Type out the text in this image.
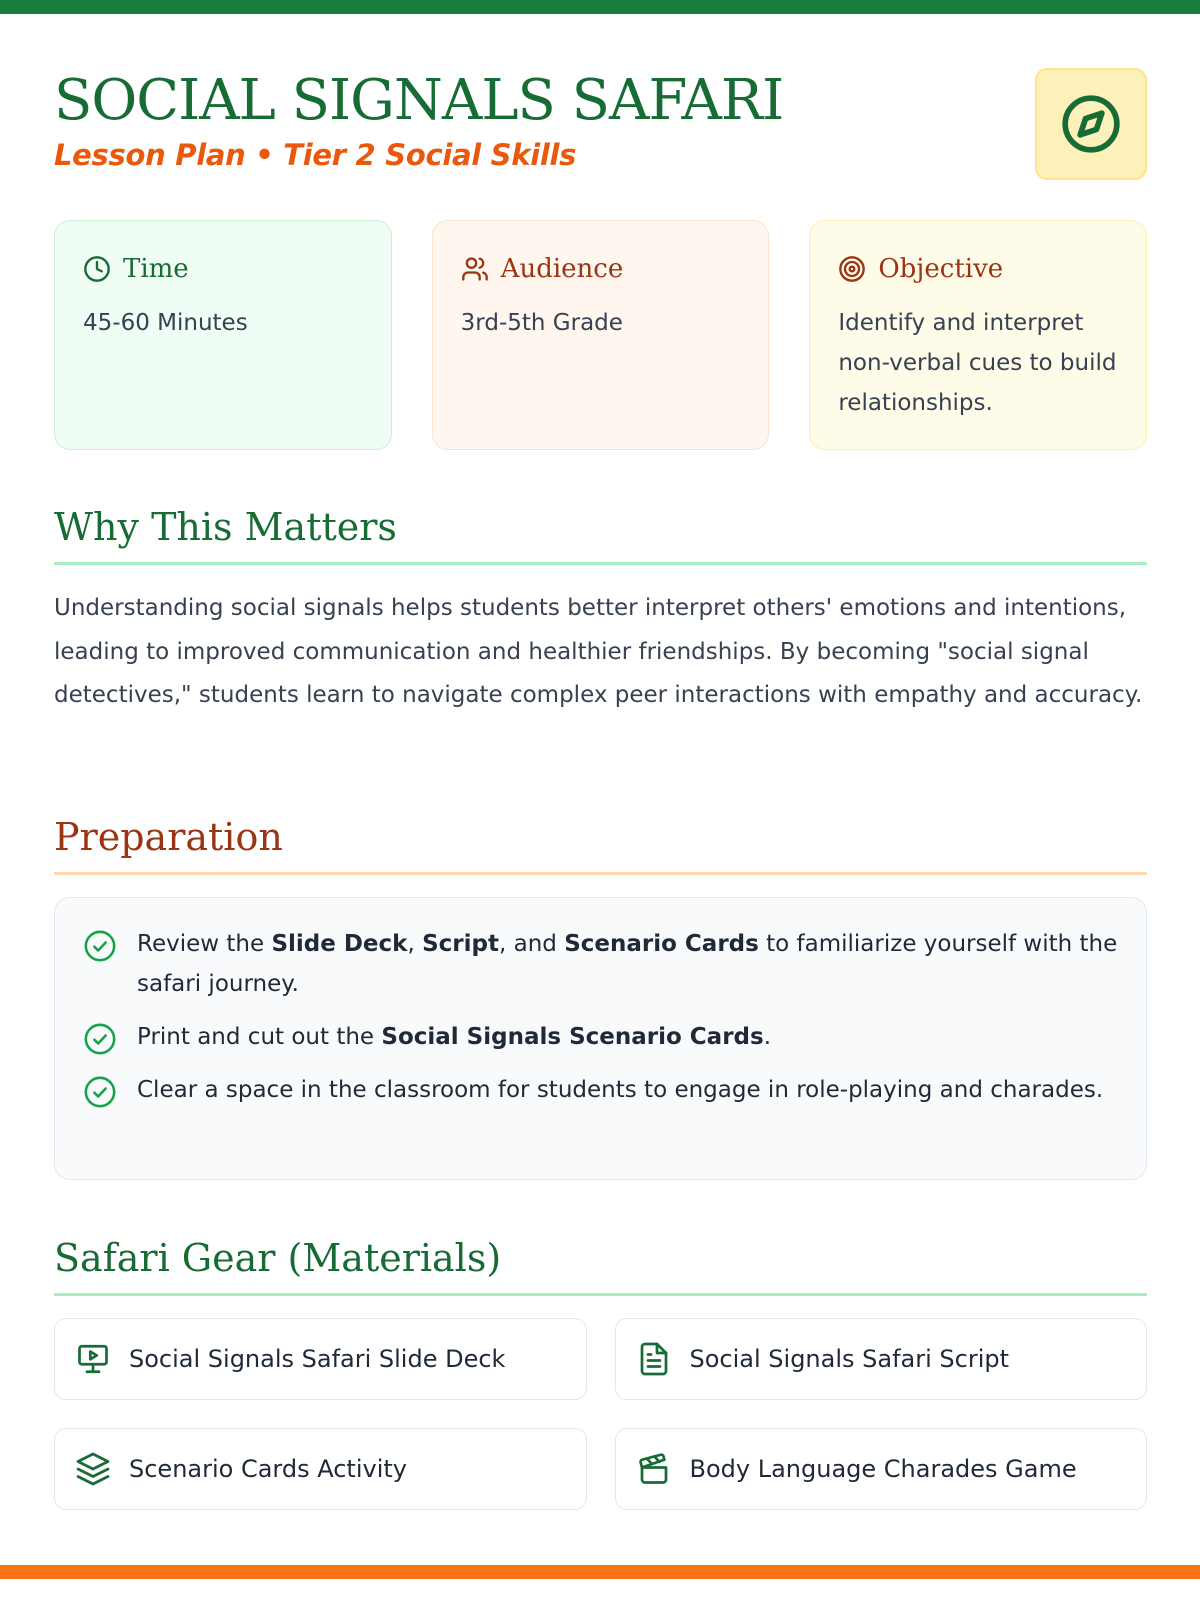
SOCIAL SIGNALS SAFARI
Lesson Plan • Tier 2 Social Skills
Time
45-60 Minutes
Audience
3rd-5th Grade
Objective
Identify and interpret non-verbal cues to build relationships.
Why This Matters
Understanding social signals helps students better interpret others' emotions and intentions, leading to improved communication and healthier friendships. By becoming "social signal detectives," students learn to navigate complex peer interactions with empathy and accuracy.
Preparation
Review the Slide Deck, Script, and Scenario Cards to familiarize yourself with the safari journey.
Print and cut out the Social Signals Scenario Cards.
Clear a space in the classroom for students to engage in role-playing and charades.
Safari Gear (Materials)
Social Signals Safari Slide Deck	Social Signals Safari Script
Scenario Cards Activity	Body Language Charades Game
